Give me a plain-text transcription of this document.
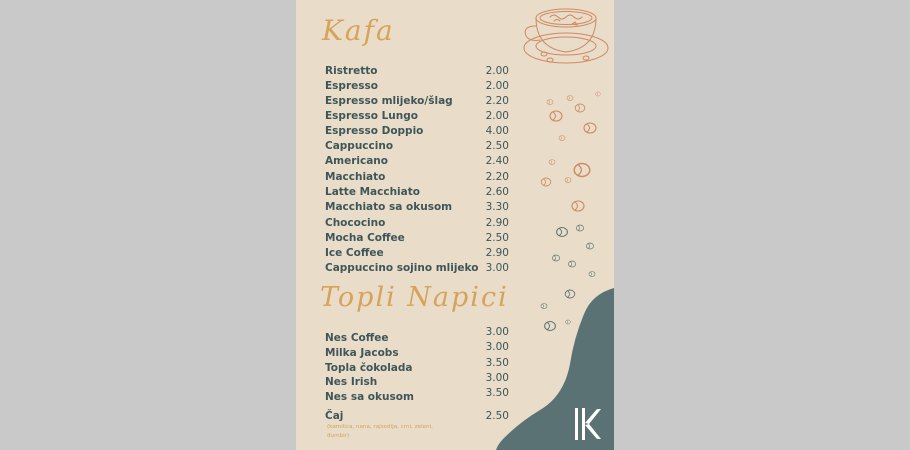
Kafa
Topli Napici
Ristretto	2.00
Espresso	2.00
Espresso mlijeko/šlag	2.20
Espresso Lungo	2.00
Espresso Doppio	4.00
Cappuccino	2.50
Americano	2.40
Macchiato	2.20
Latte Macchiato	2.60
Macchiato sa okusom	3.30
Chococino	2.90
Mocha Coffee	2.50
Ice Coffee	2.90
Cappuccino sojino mlijeko 3.00
Nes Coffee	3.00
Milka Jacobs	3.00
Topla čokolada	3.50
Nes Irish	3.00
Nes sa okusom	3.50
Čaj	2.50
(kamilica, nana, rajsodija, crni, zeleni, đumbir)
